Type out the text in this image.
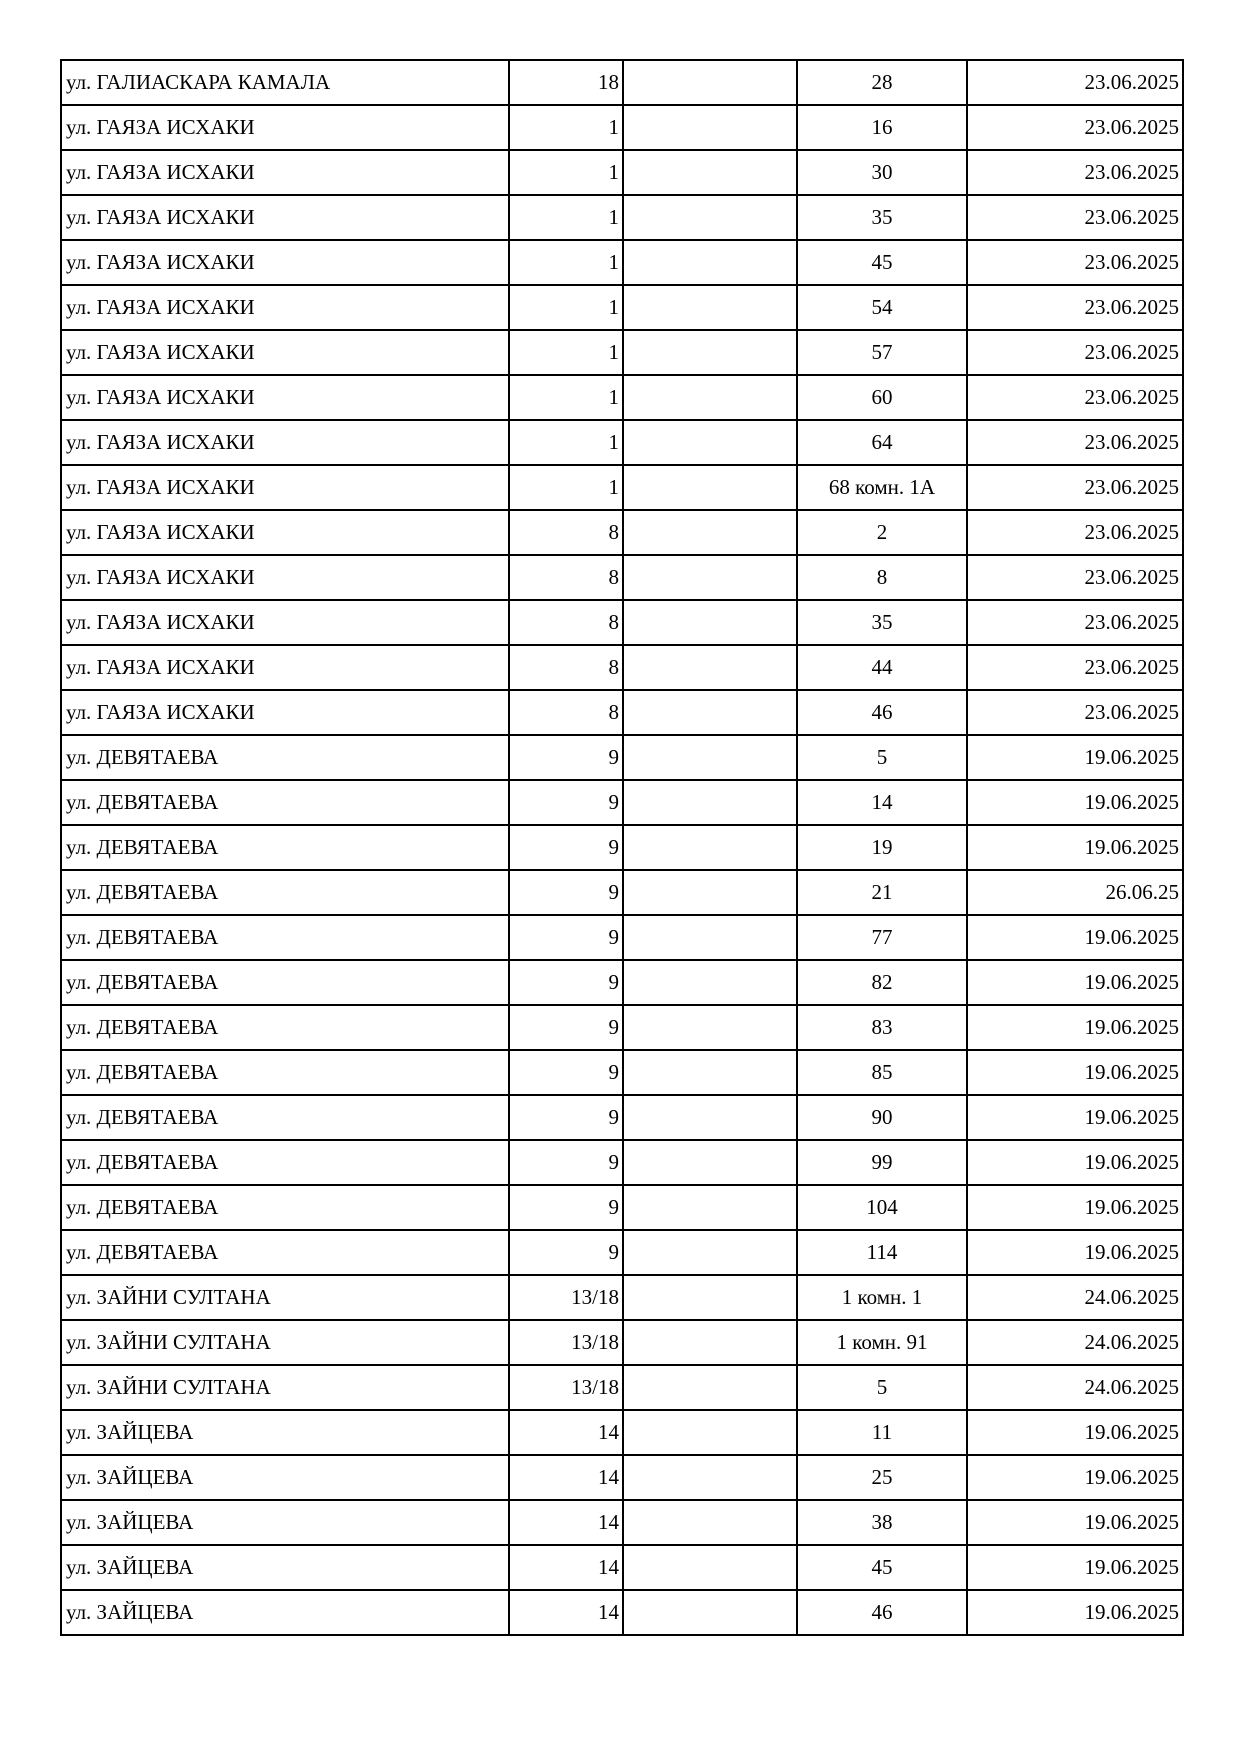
ул. ГАЛИАСКАРА КАМАЛА	18		28	23.06.2025
ул. ГАЯЗА ИСХАКИ	1		16	23.06.2025
ул. ГАЯЗА ИСХАКИ	1		30	23.06.2025
ул. ГАЯЗА ИСХАКИ	1		35	23.06.2025
ул. ГАЯЗА ИСХАКИ	1		45	23.06.2025
ул. ГАЯЗА ИСХАКИ	1		54	23.06.2025
ул. ГАЯЗА ИСХАКИ	1		57	23.06.2025
ул. ГАЯЗА ИСХАКИ	1		60	23.06.2025
ул. ГАЯЗА ИСХАКИ	1		64	23.06.2025
ул. ГАЯЗА ИСХАКИ	1		68 комн. 1А	23.06.2025
ул. ГАЯЗА ИСХАКИ	8		2	23.06.2025
ул. ГАЯЗА ИСХАКИ	8		8	23.06.2025
ул. ГАЯЗА ИСХАКИ	8		35	23.06.2025
ул. ГАЯЗА ИСХАКИ	8		44	23.06.2025
ул. ГАЯЗА ИСХАКИ	8		46	23.06.2025
ул. ДЕВЯТАЕВА	9		5	19.06.2025
ул. ДЕВЯТАЕВА	9		14	19.06.2025
ул. ДЕВЯТАЕВА	9		19	19.06.2025
ул. ДЕВЯТАЕВА	9		21	26.06.25
ул. ДЕВЯТАЕВА	9		77	19.06.2025
ул. ДЕВЯТАЕВА	9		82	19.06.2025
ул. ДЕВЯТАЕВА	9		83	19.06.2025
ул. ДЕВЯТАЕВА	9		85	19.06.2025
ул. ДЕВЯТАЕВА	9		90	19.06.2025
ул. ДЕВЯТАЕВА	9		99	19.06.2025
ул. ДЕВЯТАЕВА	9		104	19.06.2025
ул. ДЕВЯТАЕВА	9		114	19.06.2025
ул. ЗАЙНИ СУЛТАНА	13/18		1 комн. 1	24.06.2025
ул. ЗАЙНИ СУЛТАНА	13/18		1 комн. 91	24.06.2025
ул. ЗАЙНИ СУЛТАНА	13/18		5	24.06.2025
ул. ЗАЙЦЕВА	14		11	19.06.2025
ул. ЗАЙЦЕВА	14		25	19.06.2025
ул. ЗАЙЦЕВА	14		38	19.06.2025
ул. ЗАЙЦЕВА	14		45	19.06.2025
ул. ЗАЙЦЕВА	14		46	19.06.2025
